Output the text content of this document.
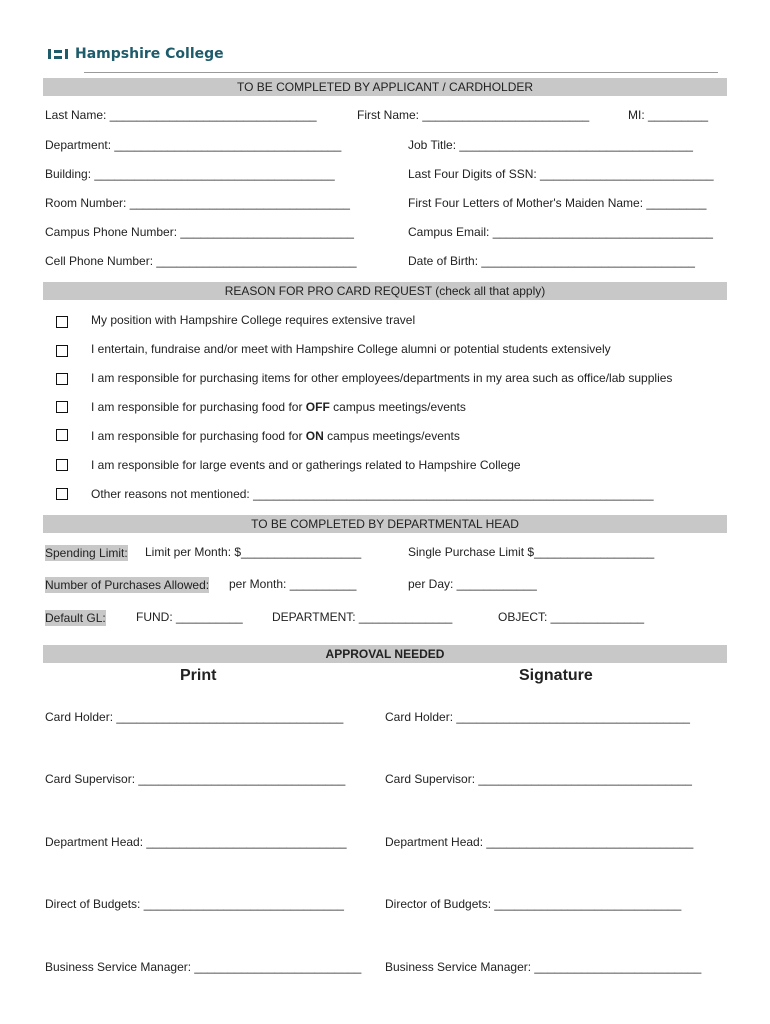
Hampshire College
TO BE COMPLETED BY APPLICANT / CARDHOLDER
Last Name: _______________________________	First Name: _________________________	MI: _________
Department: __________________________________	Job Title: ___________________________________
Building: ____________________________________	Last Four Digits of SSN: __________________________
Room Number: _________________________________	First Four Letters of Mother's Maiden Name: _________
Campus Phone Number: __________________________	Campus Email: _________________________________
Cell Phone Number: ______________________________	Date of Birth: ________________________________
REASON FOR PRO CARD REQUEST (check all that apply)
My position with Hampshire College requires extensive travel
I entertain, fundraise and/or meet with Hampshire College alumni or potential students extensively
I am responsible for purchasing items for other employees/departments in my area such as office/lab supplies
I am responsible for purchasing food for OFF campus meetings/events
I am responsible for purchasing food for ON campus meetings/events
I am responsible for large events and or gatherings related to Hampshire College
Other reasons not mentioned: ____________________________________________________________
TO BE COMPLETED BY DEPARTMENTAL HEAD
Spending Limit: Limit per Month: $__________________	Single Purchase Limit $__________________
Number of Purchases Allowed: per Month: __________	per Day: ____________
Default GL:	FUND: __________ DEPARTMENT: ______________	OBJECT: ______________
APPROVAL NEEDED
Print	Signature
Card Holder: __________________________________	Card Holder: ___________________________________
Card Supervisor: _______________________________	Card Supervisor: ________________________________
Department Head: ______________________________	Department Head: _______________________________
Direct of Budgets: ______________________________	Director of Budgets: ____________________________
Business Service Manager: _________________________ Business Service Manager: _________________________
